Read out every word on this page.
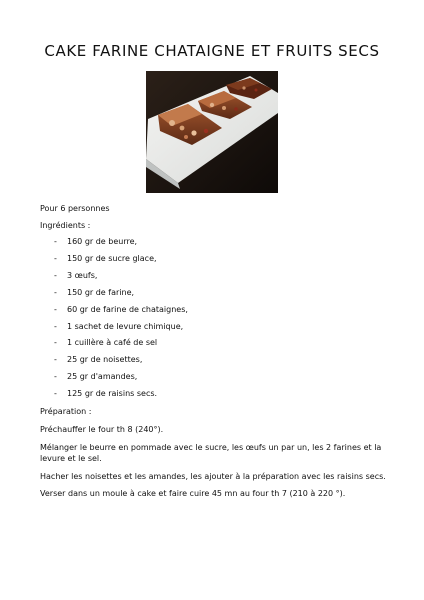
CAKE FARINE CHATAIGNE ET FRUITS SECS

Pour 6 personnes

Ingrédients :

- 160 gr de beurre,
- 150 gr de sucre glace,
- 3 œufs,
- 150 gr de farine,
- 60 gr de farine de chataignes,
- 1 sachet de levure chimique,
- 1 cuillère à café de sel
- 25 gr de noisettes,
- 25 gr d'amandes,
- 125 gr de raisins secs.

Préparation :

Préchauffer le four th 8 (240°).

Mélanger le beurre en pommade avec le sucre, les œufs un par un, les 2 farines et la levure et le sel.

Hacher les noisettes et les amandes, les ajouter à la préparation avec les raisins secs.

Verser dans un moule à cake et faire cuire 45 mn au four th 7 (210 à 220 °).
